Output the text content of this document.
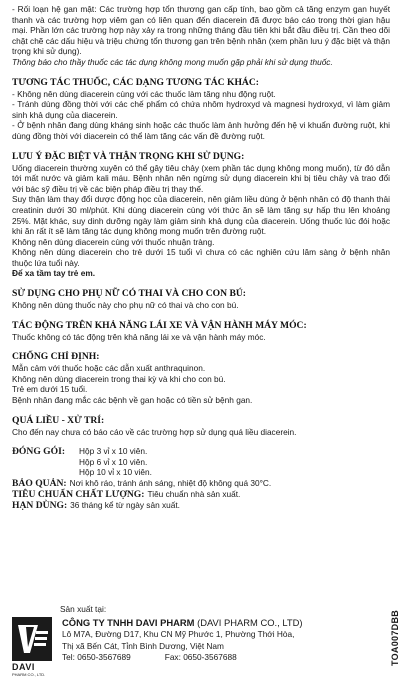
- Rối loạn hệ gan mật: Các trường hợp tổn thương gan cấp tính, bao gồm cả tăng enzym gan huyết thanh và các trường hợp viêm gan có liên quan đến diacerein đã được báo cáo trong thời gian hậu mại. Phần lớn các trường hợp này xảy ra trong những tháng đầu tiên khi bắt đầu điều trị. Cần theo dõi chặt chẽ các dấu hiệu và triệu chứng tổn thương gan trên bệnh nhân (xem phần lưu ý đặc biệt và thận trọng khi sử dụng).

Thông báo cho thầy thuốc các tác dụng không mong muốn gặp phải khi sử dụng thuốc.

TƯƠNG TÁC THUỐC, CÁC DẠNG TƯƠNG TÁC KHÁC:

- Không nên dùng diacerein cùng với các thuốc làm tăng nhu động ruột.

- Tránh dùng đồng thời với các chế phẩm có chứa nhôm hydroxyd và magnesi hydroxyd, vì làm giảm sinh khả dụng của diacerein.

- Ở bệnh nhân đang dùng kháng sinh hoặc các thuốc làm ảnh hưởng đến hệ vi khuẩn đường ruột, khi dùng đồng thời với diacerein có thể làm tăng các vấn đề đường ruột.

LƯU Ý ĐẶC BIỆT VÀ THẬN TRỌNG KHI SỬ DỤNG:

Uống diacerein thường xuyên có thể gây tiêu chảy (xem phần tác dụng không mong muốn), từ đó dẫn tới mất nước và giảm kali máu. Bệnh nhân nên ngừng sử dụng diacerein khi bị tiêu chảy và trao đổi với bác sỹ điều trị về các biện pháp điều trị thay thế.

Suy thận làm thay đổi dược động học của diacerein, nên giảm liều dùng ở bệnh nhân có độ thanh thải creatinin dưới 30 ml/phút. Khi dùng diacerein cùng với thức ăn sẽ làm tăng sự hấp thu lên khoảng 25%. Mặt khác, suy dinh dưỡng ngày làm giảm sinh khả dụng của diacerein. Uống thuốc lúc đói hoặc khi ăn rất ít sẽ làm tăng tác dụng không mong muốn trên đường ruột.

Không nên dùng diacerein cùng với thuốc nhuận tràng.

Không nên dùng diacerein cho trẻ dưới 15 tuổi vì chưa có các nghiên cứu lâm sàng ở bệnh nhân thuộc lứa tuổi này.

Để xa tầm tay trẻ em.

SỬ DỤNG CHO PHỤ NỮ CÓ THAI VÀ CHO CON BÚ:

Không nên dùng thuốc này cho phụ nữ có thai và cho con bú.

TÁC ĐỘNG TRÊN KHẢ NĂNG LÁI XE VÀ VẬN HÀNH MÁY MÓC:

Thuốc không có tác động trên khả năng lái xe và vận hành máy móc.

CHỐNG CHỈ ĐỊNH:

Mẫn cảm với thuốc hoặc các dẫn xuất anthraquinon.

Không nên dùng diacerein trong thai kỳ và khi cho con bú.

Trẻ em dưới 15 tuổi.

Bệnh nhân đang mắc các bệnh về gan hoặc có tiền sử bệnh gan.

QUÁ LIỀU - XỬ TRÍ:

Cho đến nay chưa có báo cáo về các trường hợp sử dụng quá liều diacerein.

ĐÓNG GÓI: Hộp 3 vỉ x 10 viên.
Hộp 6 vỉ x 10 viên.
Hộp 10 vỉ x 10 viên.
BẢO QUẢN: Nơi khô ráo, tránh ánh sáng, nhiệt độ không quá 30°C.
TIÊU CHUẨN CHẤT LƯỢNG: Tiêu chuẩn nhà sản xuất.
HẠN DÙNG: 36 tháng kể từ ngày sản xuất.

Sản xuất tại:

DAVI
PHARM CO., LTD.
CÔNG TY TNHH DAVI PHARM (DAVI PHARM CO., LTD)
Lô M7A, Đường D17, Khu CN Mỹ Phước 1, Phường Thới Hòa,
Thị xã Bến Cát, Tỉnh Bình Dương, Việt Nam
Tel: 0650-3567689	Fax: 0650-3567688	TOA007DBB
